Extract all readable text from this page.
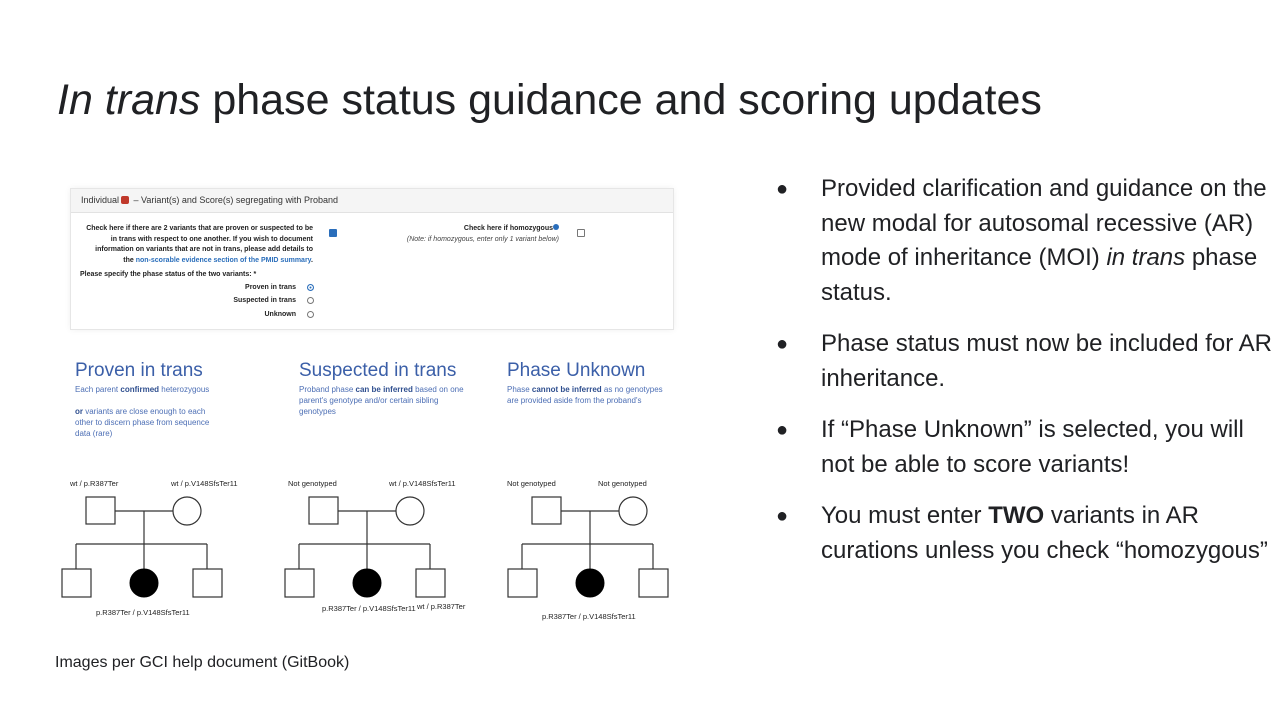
In trans phase status guidance and scoring updates
Individual – Variant(s) and Score(s) segregating with Proband
Check here if there are 2 variants that are proven or suspected to be in trans with respect to one another. If you wish to document information on variants that are not in trans, please add details to the non-scorable evidence section of the PMID summary.
Check here if homozygous
(Note: if homozygous, enter only 1 variant below)
Please specify the phase status of the two variants: *
Proven in trans
Suspected in trans
Unknown
Proven in trans
Each parent confirmed heterozygous
or variants are close enough to each other to discern phase from sequence data (rare)
Suspected in trans
Proband phase can be inferred based on one parent's genotype and/or certain sibling genotypes
Phase Unknown
Phase cannot be inferred as no genotypes are provided aside from the proband's
wt / p.R387Ter	wt / p.V148SfsTer11
p.R387Ter / p.V148SfsTer11
Not genotyped	wt / p.V148SfsTer11
p.R387Ter / p.V148SfsTer11 wt / p.R387Ter
Not genotyped	Not genotyped
p.R387Ter / p.V148SfsTer11
● Provided clarification and guidance on the new modal for autosomal recessive (AR) mode of inheritance (MOI) in trans phase status.
● Phase status must now be included for AR inheritance.
● If “Phase Unknown” is selected, you will not be able to score variants!
● You must enter TWO variants in AR curations unless you check “homozygous”
Images per GCI help document (GitBook)
